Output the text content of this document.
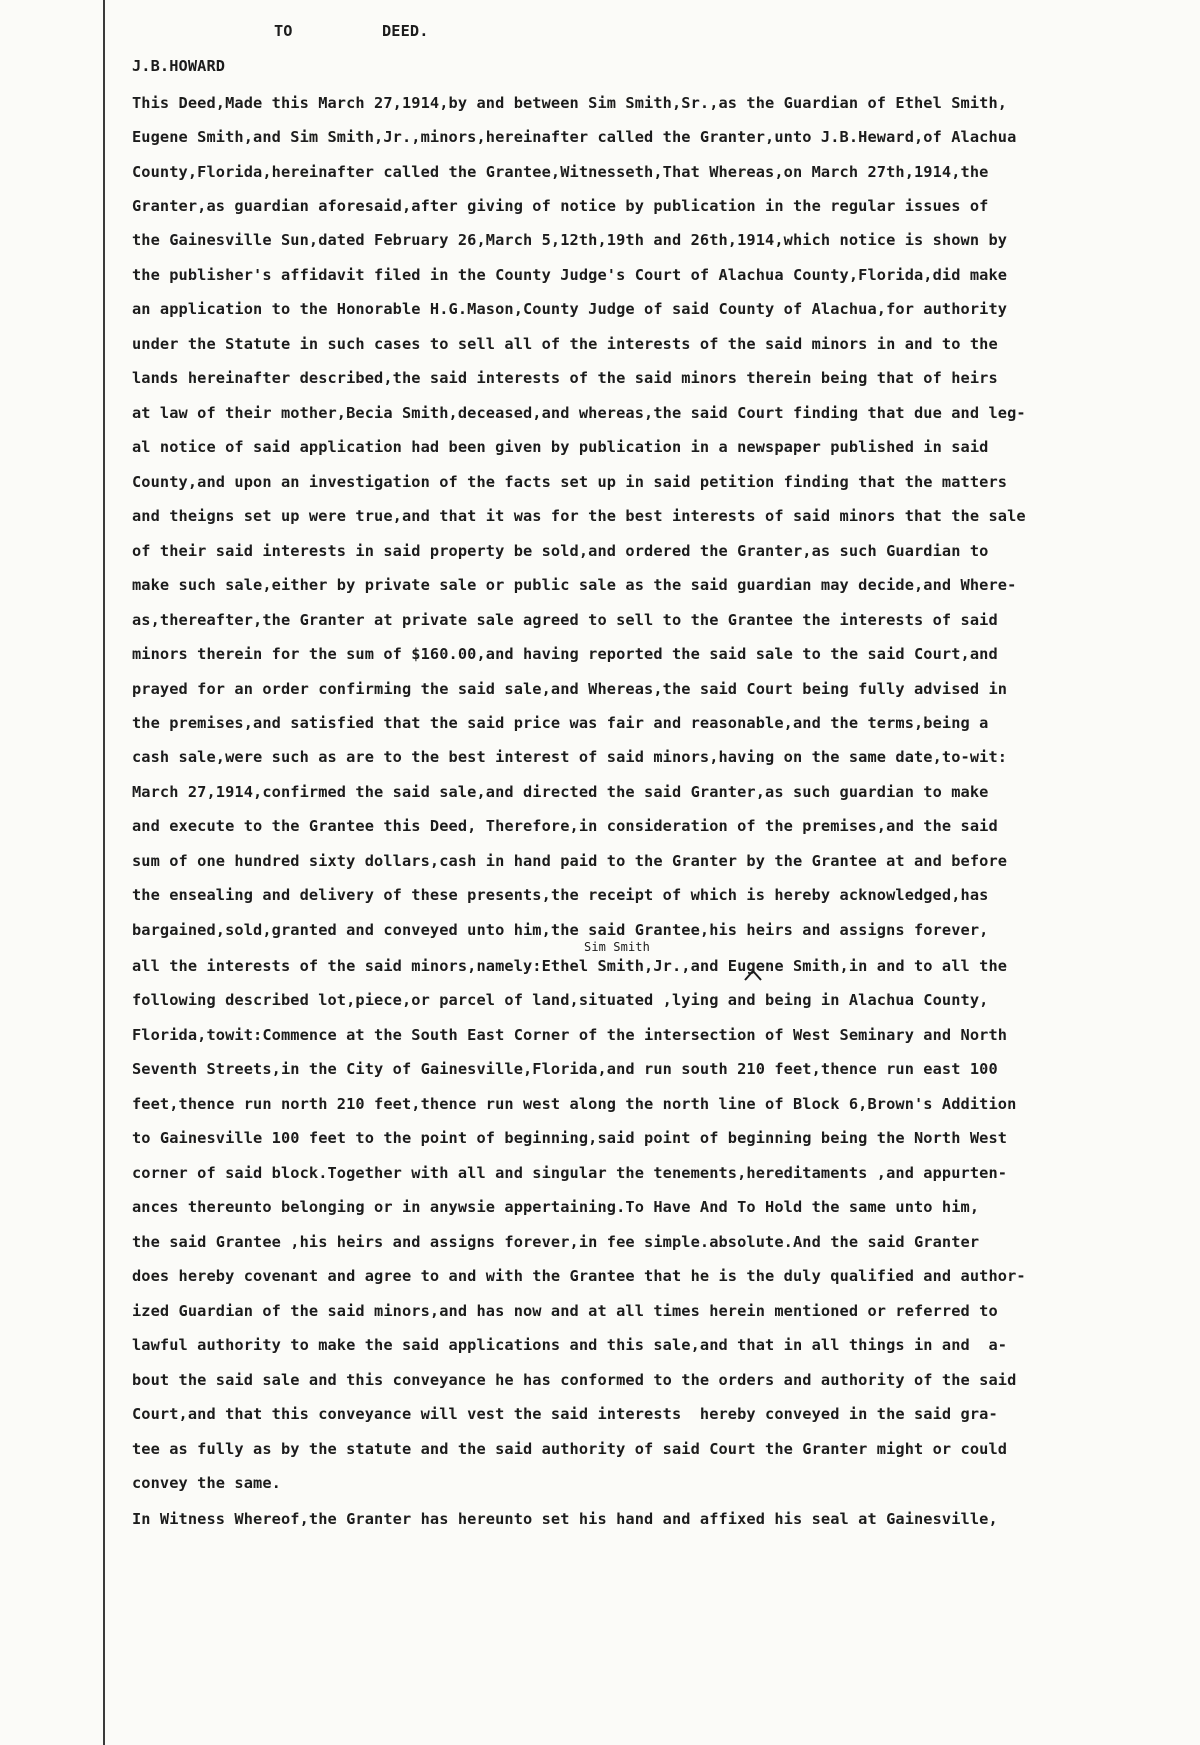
TO

	DEED.

J.B.HOWARD

This Deed,Made this March 27,1914,by and between Sim Smith,Sr.,as the Guardian of Ethel Smith,

Eugene Smith,and Sim Smith,Jr.,minors,hereinafter called the Granter,unto J.B.Heward,of Alachua

County,Florida,hereinafter called the Grantee,Witnesseth,That Whereas,on March 27th,1914,the

Granter,as guardian aforesaid,after giving of notice by publication in the regular issues of

the Gainesville Sun,dated February 26,March 5,12th,19th and 26th,1914,which notice is shown by

the publisher's affidavit filed in the County Judge's Court of Alachua County,Florida,did make

an application to the Honorable H.G.Mason,County Judge of said County of Alachua,for authority

under the Statute in such cases to sell all of the interests of the said minors in and to the

lands hereinafter described,the said interests of the said minors therein being that of heirs

at law of their mother,Becia Smith,deceased,and whereas,the said Court finding that due and leg-

al notice of said application had been given by publication in a newspaper published in said

County,and upon an investigation of the facts set up in said petition finding that the matters

and theigns set up were true,and that it was for the best interests of said minors that the sale

of their said interests in said property be sold,and ordered the Granter,as such Guardian to

make such sale,either by private sale or public sale as the said guardian may decide,and Where-

as,thereafter,the Granter at private sale agreed to sell to the Grantee the interests of said

minors therein for the sum of $160.00,and having reported the said sale to the said Court,and

prayed for an order confirming the said sale,and Whereas,the said Court being fully advised in

the premises,and satisfied that the said price was fair and reasonable,and the terms,being a

cash sale,were such as are to the best interest of said minors,having on the same date,to-wit:

March 27,1914,confirmed the said sale,and directed the said Granter,as such guardian to make

and execute to the Grantee this Deed, Therefore,in consideration of the premises,and the said

sum of one hundred sixty dollars,cash in hand paid to the Granter by the Grantee at and before

the ensealing and delivery of these presents,the receipt of which is hereby acknowledged,has

bargained,sold,granted and conveyed unto him,the said Grantee,his heirs and assigns forever,

Sim Smith

all the interests of the said minors,namely:Ethel Smith,Jr.,and Eugene Smith,in and to all the

following described lot,piece,or parcel of land,situated ,lying and being in Alachua County,

Florida,towit:Commence at the South East Corner of the intersection of West Seminary and North

Seventh Streets,in the City of Gainesville,Florida,and run south 210 feet,thence run east 100

feet,thence run north 210 feet,thence run west along the north line of Block 6,Brown's Addition

to Gainesville 100 feet to the point of beginning,said point of beginning being the North West

corner of said block.Together with all and singular the tenements,hereditaments ,and appurten-

ances thereunto belonging or in anywsie appertaining.To Have And To Hold the same unto him,

the said Grantee ,his heirs and assigns forever,in fee simple.absolute.And the said Granter

does hereby covenant and agree to and with the Grantee that he is the duly qualified and author-

ized Guardian of the said minors,and has now and at all times herein mentioned or referred to

lawful authority to make the said applications and this sale,and that in all things in and  a-

bout the said sale and this conveyance he has conformed to the orders and authority of the said

Court,and that this conveyance will vest the said interests  hereby conveyed in the said gra-

tee as fully as by the statute and the said authority of said Court the Granter might or could

convey the same.

In Witness Whereof,the Granter has hereunto set his hand and affixed his seal at Gainesville,
